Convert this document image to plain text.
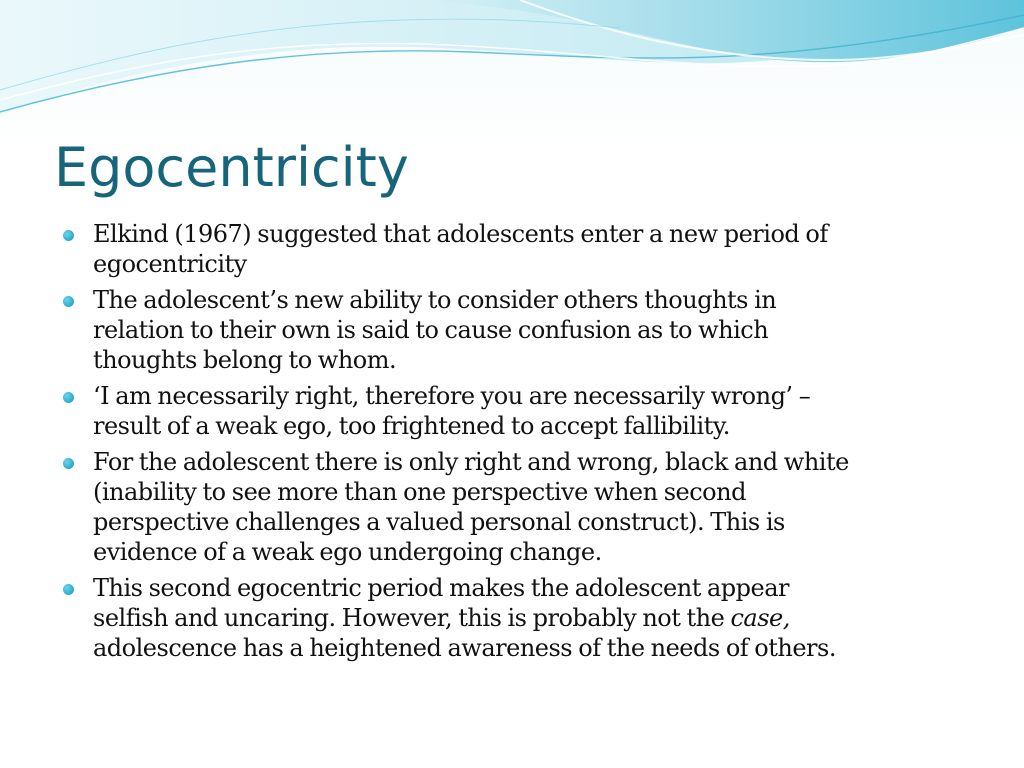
Egocentricity
Elkind (1967) suggested that adolescents enter a new period of
egocentricity
The adolescent’s new ability to consider others thoughts in
relation to their own is said to cause confusion as to which
thoughts belong to whom.
‘I am necessarily right, therefore you are necessarily wrong’ –
result of a weak ego, too frightened to accept fallibility.
For the adolescent there is only right and wrong, black and white
(inability to see more than one perspective when second
perspective challenges a valued personal construct). This is
evidence of a weak ego undergoing change.
This second egocentric period makes the adolescent appear
selfish and uncaring. However, this is probably not the case,
adolescence has a heightened awareness of the needs of others.
